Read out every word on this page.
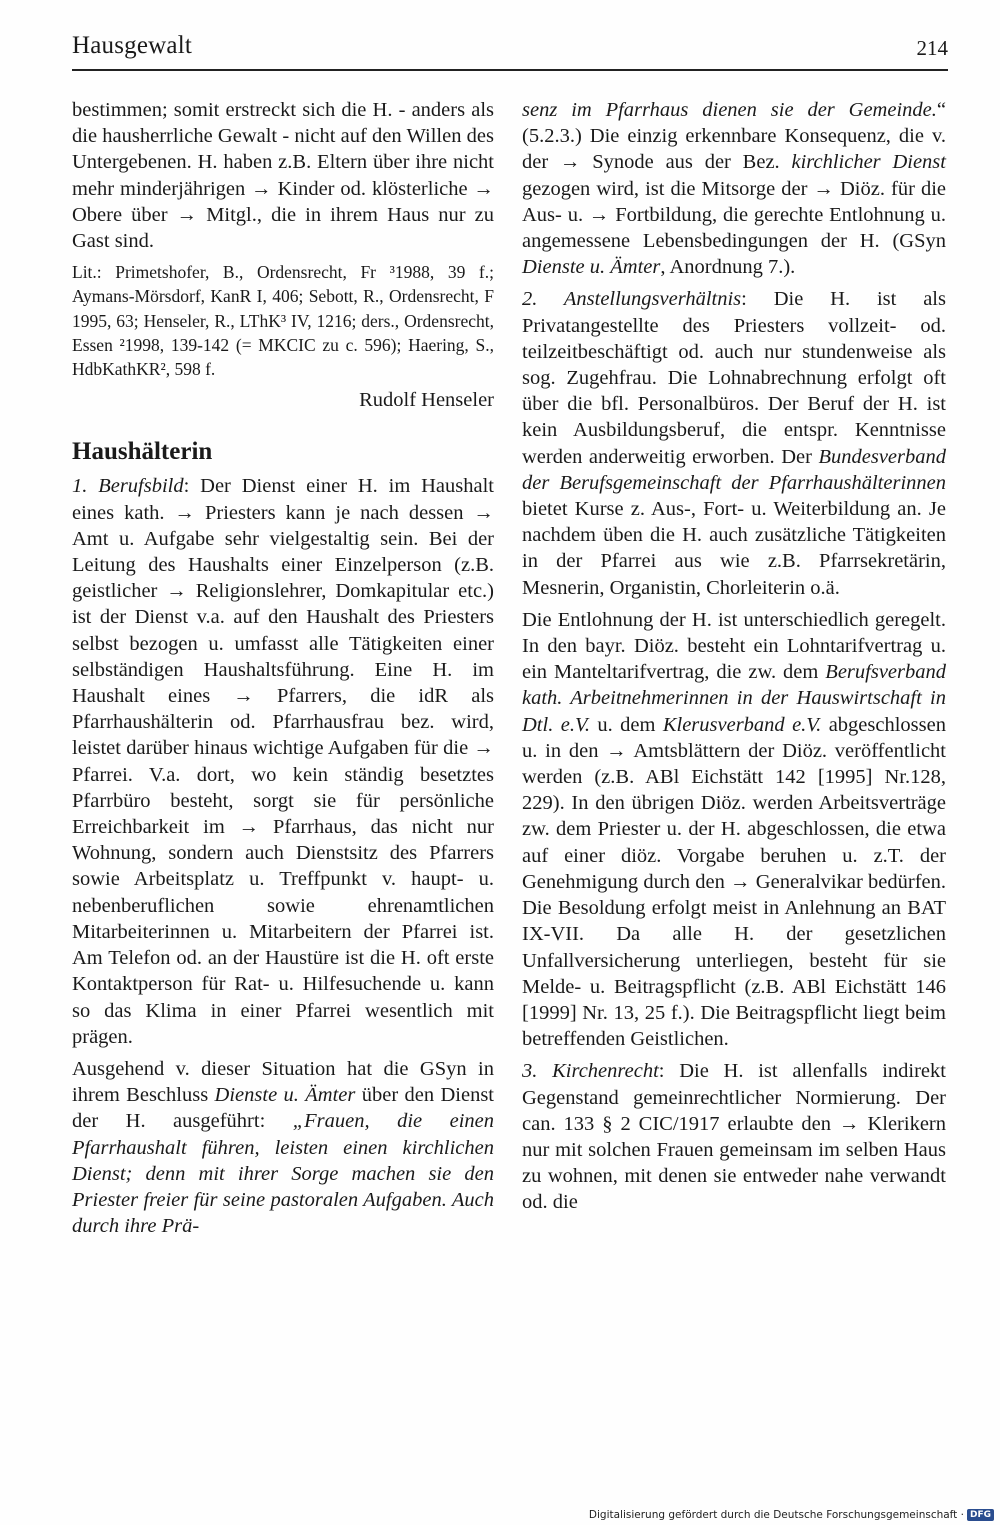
Hausgewalt	214

bestimmen; somit erstreckt sich die H. - anders als die hausherrliche Gewalt - nicht auf den Willen des Untergebenen. H. haben z.B. Eltern über ihre nicht mehr minderjährigen → Kinder od. klösterliche → Obere über → Mitgl., die in ihrem Haus nur zu Gast sind.

Lit.: Primetshofer, B., Ordensrecht, Fr ³1988, 39 f.; Aymans-Mörsdorf, KanR I, 406; Sebott, R., Ordensrecht, F 1995, 63; Henseler, R., LThK³ IV, 1216; ders., Ordensrecht, Essen ²1998, 139-142 (= MKCIC zu c. 596); Haering, S., HdbKathKR², 598 f.

Rudolf Henseler

Haushälterin

1. Berufsbild: Der Dienst einer H. im Haushalt eines kath. → Priesters kann je nach dessen → Amt u. Aufgabe sehr vielgestaltig sein. Bei der Leitung des Haushalts einer Einzelperson (z.B. geistlicher → Religionslehrer, Domkapitular etc.) ist der Dienst v.a. auf den Haushalt des Priesters selbst bezogen u. umfasst alle Tätigkeiten einer selbständigen Haushaltsführung. Eine H. im Haushalt eines → Pfarrers, die idR als Pfarrhaushälterin od. Pfarrhausfrau bez. wird, leistet darüber hinaus wichtige Aufgaben für die → Pfarrei. V.a. dort, wo kein ständig besetztes Pfarrbüro besteht, sorgt sie für persönliche Erreichbarkeit im → Pfarrhaus, das nicht nur Wohnung, sondern auch Dienstsitz des Pfarrers sowie Arbeitsplatz u. Treffpunkt v. haupt- u. nebenberuflichen sowie ehrenamtlichen Mitarbeiterinnen u. Mitarbeitern der Pfarrei ist. Am Telefon od. an der Haustüre ist die H. oft erste Kontaktperson für Rat- u. Hilfesuchende u. kann so das Klima in einer Pfarrei wesentlich mit prägen.

Ausgehend v. dieser Situation hat die GSyn in ihrem Beschluss Dienste u. Ämter über den Dienst der H. ausgeführt: „Frauen, die einen Pfarrhaushalt führen, leisten einen kirchlichen Dienst; denn mit ihrer Sorge machen sie den Priester freier für seine pastoralen Aufgaben. Auch durch ihre Prä-

senz im Pfarrhaus dienen sie der Gemeinde.“ (5.2.3.) Die einzig erkennbare Konsequenz, die v. der → Synode aus der Bez. kirchlicher Dienst gezogen wird, ist die Mitsorge der → Diöz. für die Aus- u. → Fortbildung, die gerechte Entlohnung u. angemessene Lebensbedingungen der H. (GSyn Dienste u. Ämter, Anordnung 7.).

2. Anstellungsverhältnis: Die H. ist als Privatangestellte des Priesters vollzeit- od. teilzeitbeschäftigt od. auch nur stundenweise als sog. Zugehfrau. Die Lohnabrechnung erfolgt oft über die bfl. Personalbüros. Der Beruf der H. ist kein Ausbildungsberuf, die entspr. Kenntnisse werden anderweitig erworben. Der Bundesverband der Berufsgemeinschaft der Pfarrhaushälterinnen bietet Kurse z. Aus-, Fort- u. Weiterbildung an. Je nachdem üben die H. auch zusätzliche Tätigkeiten in der Pfarrei aus wie z.B. Pfarrsekretärin, Mesnerin, Organistin, Chorleiterin o.ä.

Die Entlohnung der H. ist unterschiedlich geregelt. In den bayr. Diöz. besteht ein Lohntarifvertrag u. ein Manteltarifvertrag, die zw. dem Berufsverband kath. Arbeitnehmerinnen in der Hauswirtschaft in Dtl. e.V. u. dem Klerusverband e.V. abgeschlossen u. in den → Amtsblättern der Diöz. veröffentlicht werden (z.B. ABl Eichstätt 142 [1995] Nr.128, 229). In den übrigen Diöz. werden Arbeitsverträge zw. dem Priester u. der H. abgeschlossen, die etwa auf einer diöz. Vorgabe beruhen u. z.T. der Genehmigung durch den → Generalvikar bedürfen. Die Besoldung erfolgt meist in Anlehnung an BAT IX-VII. Da alle H. der gesetzlichen Unfallversicherung unterliegen, besteht für sie Melde- u. Beitragspflicht (z.B. ABl Eichstätt 146 [1999] Nr. 13, 25 f.). Die Beitragspflicht liegt beim betreffenden Geistlichen.

3. Kirchenrecht: Die H. ist allenfalls indirekt Gegenstand gemeinrechtlicher Normierung. Der can. 133 § 2 CIC/1917 erlaubte den → Klerikern nur mit solchen Frauen gemeinsam im selben Haus zu wohnen, mit denen sie entweder nahe verwandt od. die

Digitalisierung gefördert durch die Deutsche Forschungsgemeinschaft · DFG
